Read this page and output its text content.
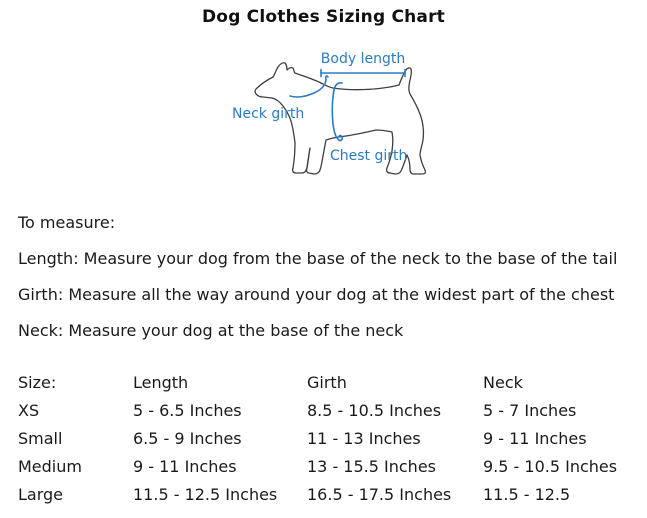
Dog Clothes Sizing Chart
Body length
Neck girth
Chest girth

To measure:

Length: Measure your dog from the base of the neck to the base of the tail

Girth: Measure all the way around your dog at the widest part of the chest

Neck: Measure your dog at the base of the neck

Size:	Length	Girth	Neck
XS	5 - 6.5 Inches	8.5 - 10.5 Inches	5 - 7 Inches
Small	6.5 - 9 Inches	11 - 13 Inches	9 - 11 Inches
Medium	9 - 11 Inches	13 - 15.5 Inches	9.5 - 10.5 Inches
Large	11.5 - 12.5 Inches	16.5 - 17.5 Inches	11.5 - 12.5
